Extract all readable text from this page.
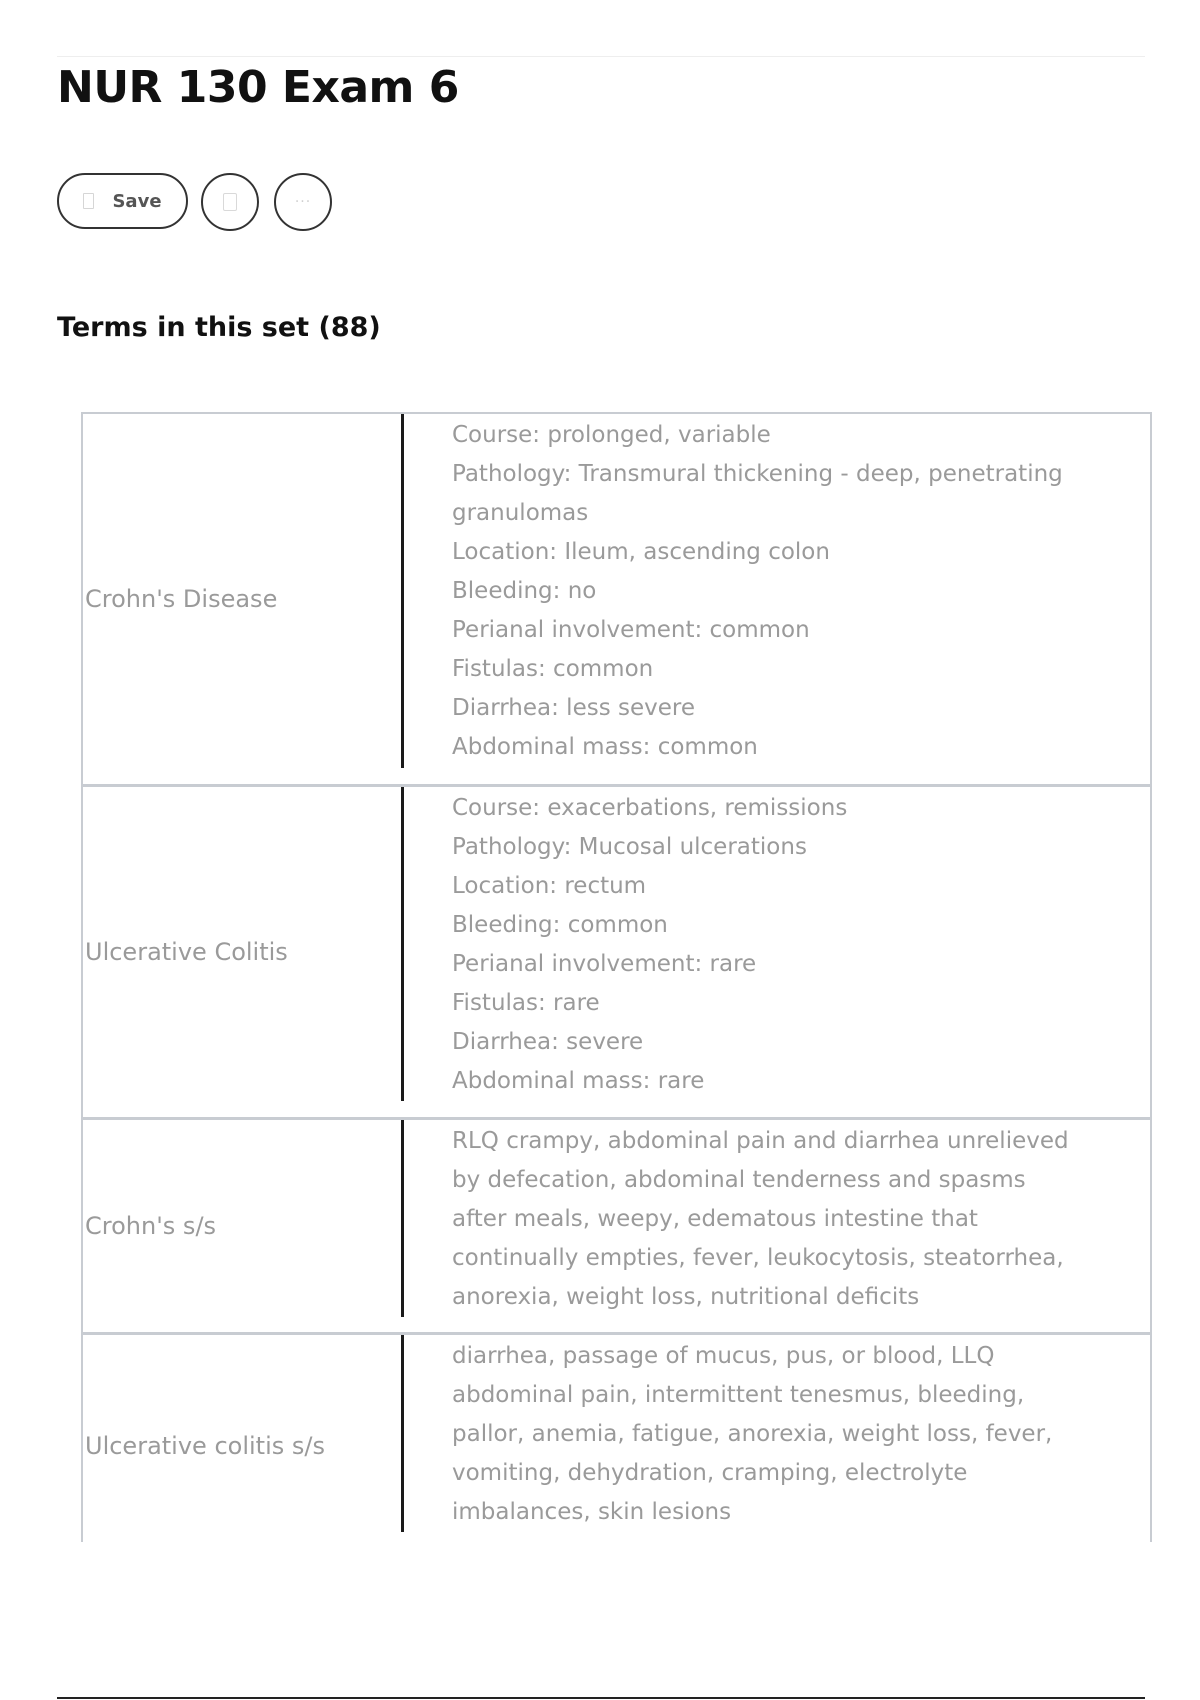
NUR 130 Exam 6
Save	···
Terms in this set (88)
Crohn's Disease
Course: prolonged, variable
Pathology: Transmural thickening - deep, penetrating
granulomas
Location: Ileum, ascending colon
Bleeding: no
Perianal involvement: common
Fistulas: common
Diarrhea: less severe
Abdominal mass: common
Ulcerative Colitis
Course: exacerbations, remissions
Pathology: Mucosal ulcerations
Location: rectum
Bleeding: common
Perianal involvement: rare
Fistulas: rare
Diarrhea: severe
Abdominal mass: rare
Crohn's s/s
RLQ crampy, abdominal pain and diarrhea unrelieved
by defecation, abdominal tenderness and spasms
after meals, weepy, edematous intestine that
continually empties, fever, leukocytosis, steatorrhea,
anorexia, weight loss, nutritional deficits
Ulcerative colitis s/s
diarrhea, passage of mucus, pus, or blood, LLQ
abdominal pain, intermittent tenesmus, bleeding,
pallor, anemia, fatigue, anorexia, weight loss, fever,
vomiting, dehydration, cramping, electrolyte
imbalances, skin lesions
